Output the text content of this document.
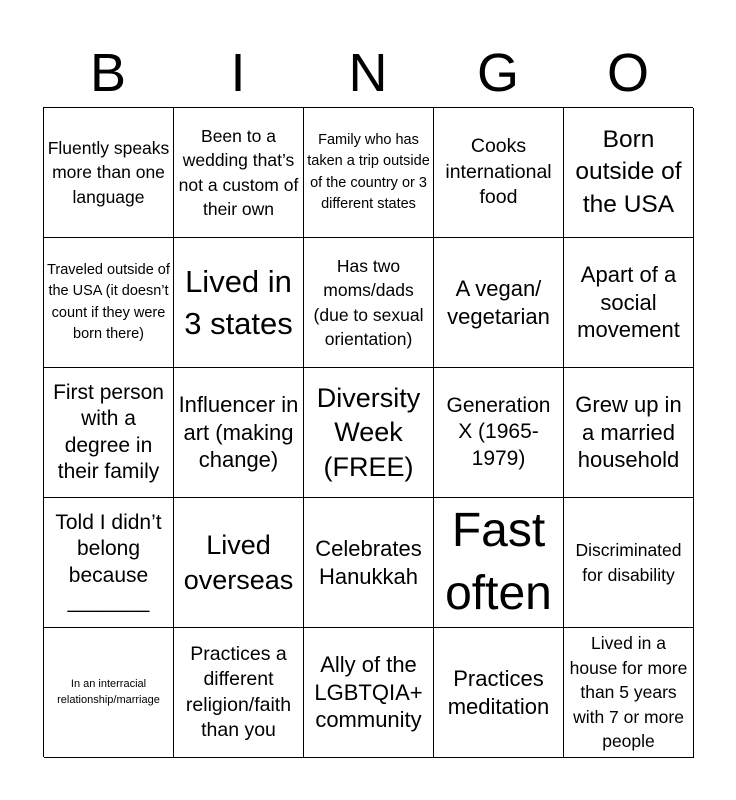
B	I	N	G	O
Fluently speaks more than one language
Been to a wedding that’s not a custom of their own
Family who has taken a trip outside of the country or 3 different states
Cooks international food
Born outside of the USA
Traveled outside of the USA (it doesn’t count if they were born there)
Lived in 3 states
Has two moms/dads (due to sexual orientation)
A vegan/ vegetarian
Apart of a social movement
First person with a degree in their family
Influencer in art (making change)
Diversity Week (FREE)
Generation X (1965-1979)
Grew up in a married household
Told I didn’t belong because _______
Lived overseas
Celebrates Hanukkah
Fast often
Discriminated for disability
In an interracial relationship/marriage
Practices a different religion/faith than you
Ally of the LGBTQIA+ community
Practices meditation
Lived in a house for more than 5 years with 7 or more people
